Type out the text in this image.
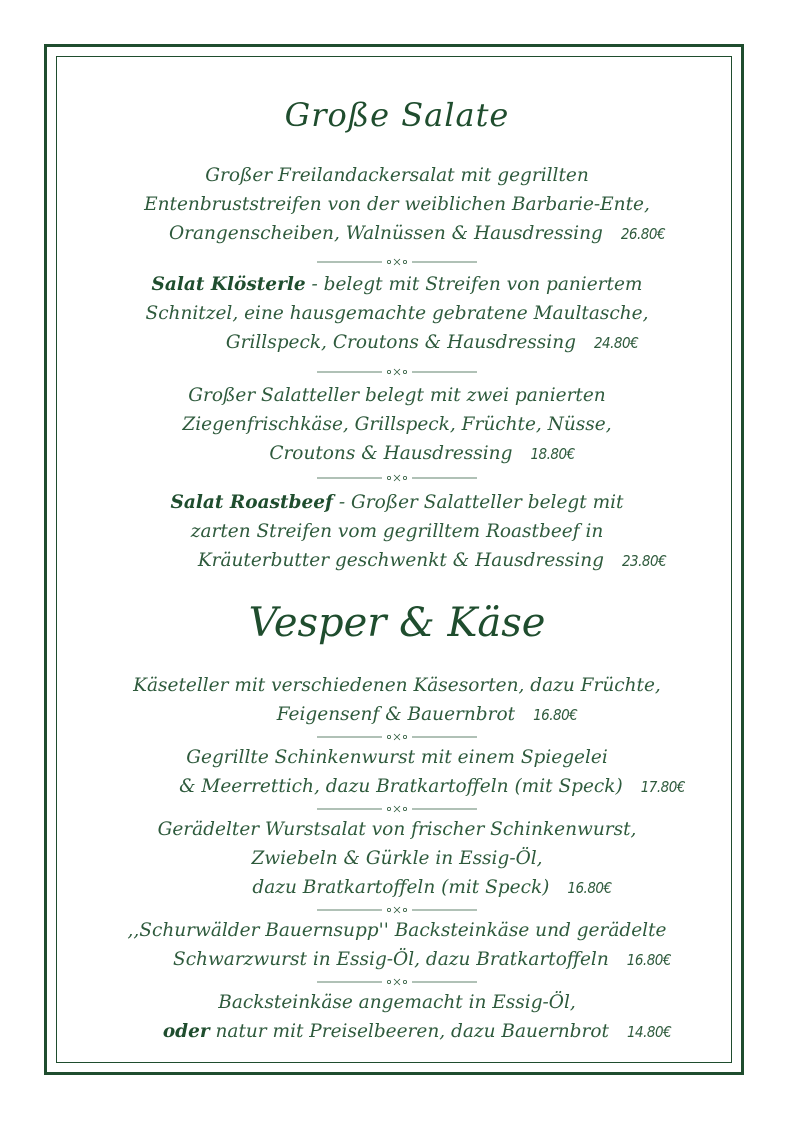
Große Salate
Großer Freilandackersalat mit gegrillten
Entenbruststreifen von der weiblichen Barbarie-Ente,
Orangenscheiben, Walnüssen & Hausdressing 26.80€
Salat Klösterle - belegt mit Streifen von paniertem
Schnitzel, eine hausgemachte gebratene Maultasche,
Grillspeck, Croutons & Hausdressing 24.80€
Großer Salatteller belegt mit zwei panierten
Ziegenfrischkäse, Grillspeck, Früchte, Nüsse,
Croutons & Hausdressing 18.80€
Salat Roastbeef - Großer Salatteller belegt mit
zarten Streifen vom gegrilltem Roastbeef in
Kräuterbutter geschwenkt & Hausdressing 23.80€
Vesper & Käse
Käseteller mit verschiedenen Käsesorten, dazu Früchte,
Feigensenf & Bauernbrot 16.80€
Gegrillte Schinkenwurst mit einem Spiegelei
& Meerrettich, dazu Bratkartoffeln (mit Speck) 17.80€
Gerädelter Wurstsalat von frischer Schinkenwurst,
Zwiebeln & Gürkle in Essig-Öl,
dazu Bratkartoffeln (mit Speck) 16.80€
,,Schurwälder Bauernsupp'' Backsteinkäse und gerädelte
Schwarzwurst in Essig-Öl, dazu Bratkartoffeln 16.80€
Backsteinkäse angemacht in Essig-Öl,
oder natur mit Preiselbeeren, dazu Bauernbrot 14.80€
